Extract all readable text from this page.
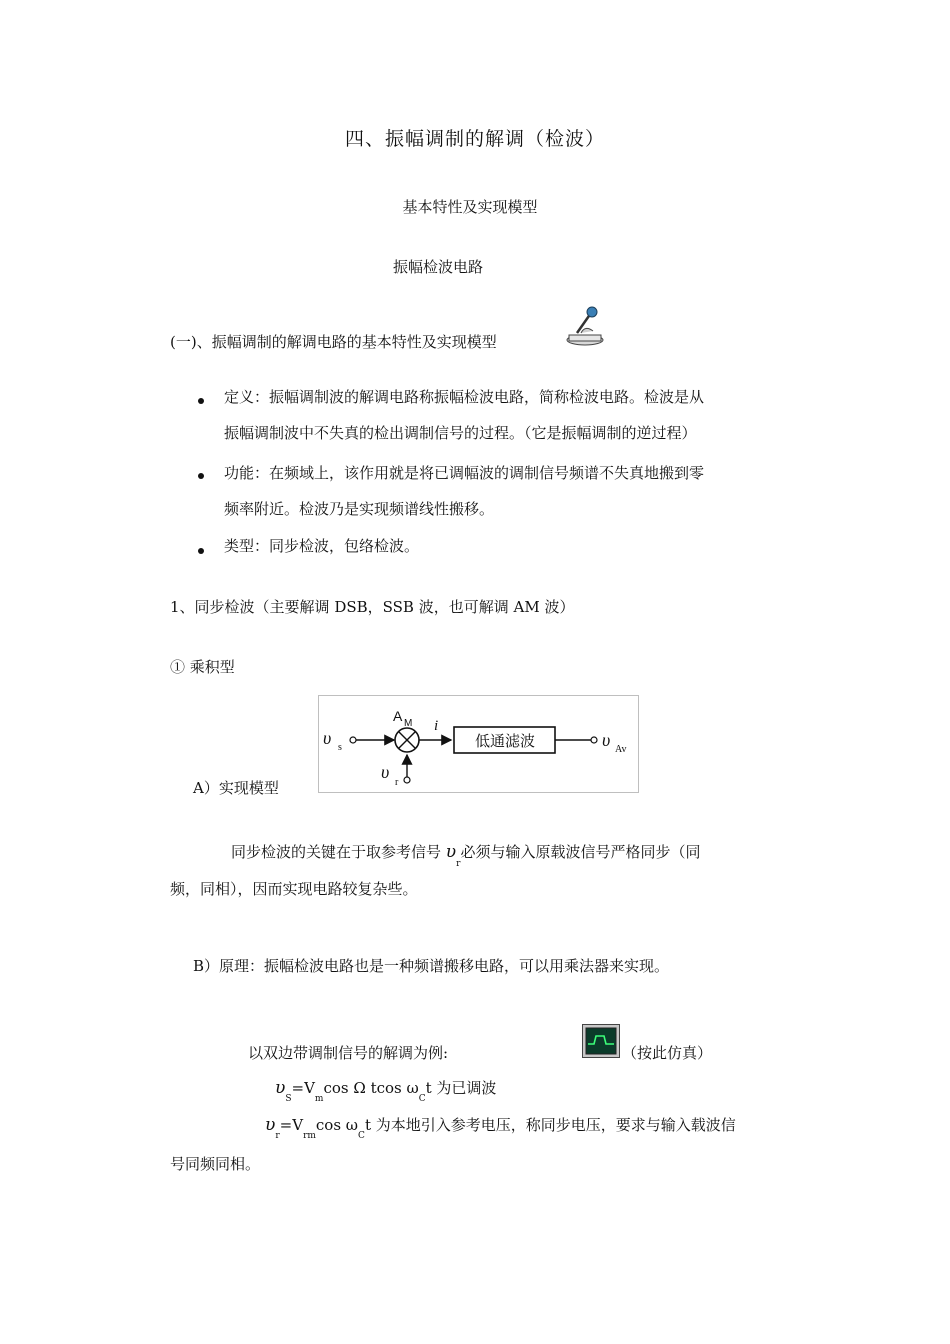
四、振幅调制的解调（检波）
基本特性及实现模型
振幅检波电路
(一)、振幅调制的解调电路的基本特性及实现模型
定义：振幅调制波的解调电路称振幅检波电路，简称检波电路。检波是从
振幅调制波中不失真的检出调制信号的过程。（它是振幅调制的逆过程）
功能：在频域上，该作用就是将已调幅波的调制信号频谱不失真地搬到零
频率附近。检波乃是实现频谱线性搬移。
类型：同步检波，包络检波。
1、同步检波（主要解调 DSB，SSB 波，也可解调 AM 波）
① 乘积型
υ s
A M i
低通滤波	υ Av
υ
r
A）实现模型
同步检波的关键在于取参考信号 $\upsilon_r$必须与输入原载波信号严格同步（同
频，同相），因而实现电路较复杂些。
B）原理：振幅检波电路也是一种频谱搬移电路，可以用乘法器来实现。
以双边带调制信号的解调为例:	（按此仿真）
$\upsilon_S=V_m\cos$ Ω tcos $\omega_Ct$ 为已调波
$\upsilon_r=V_{rm}\cos$ $\omega_Ct$ 为本地引入参考电压，称同步电压，要求与输入载波信
号同频同相。
